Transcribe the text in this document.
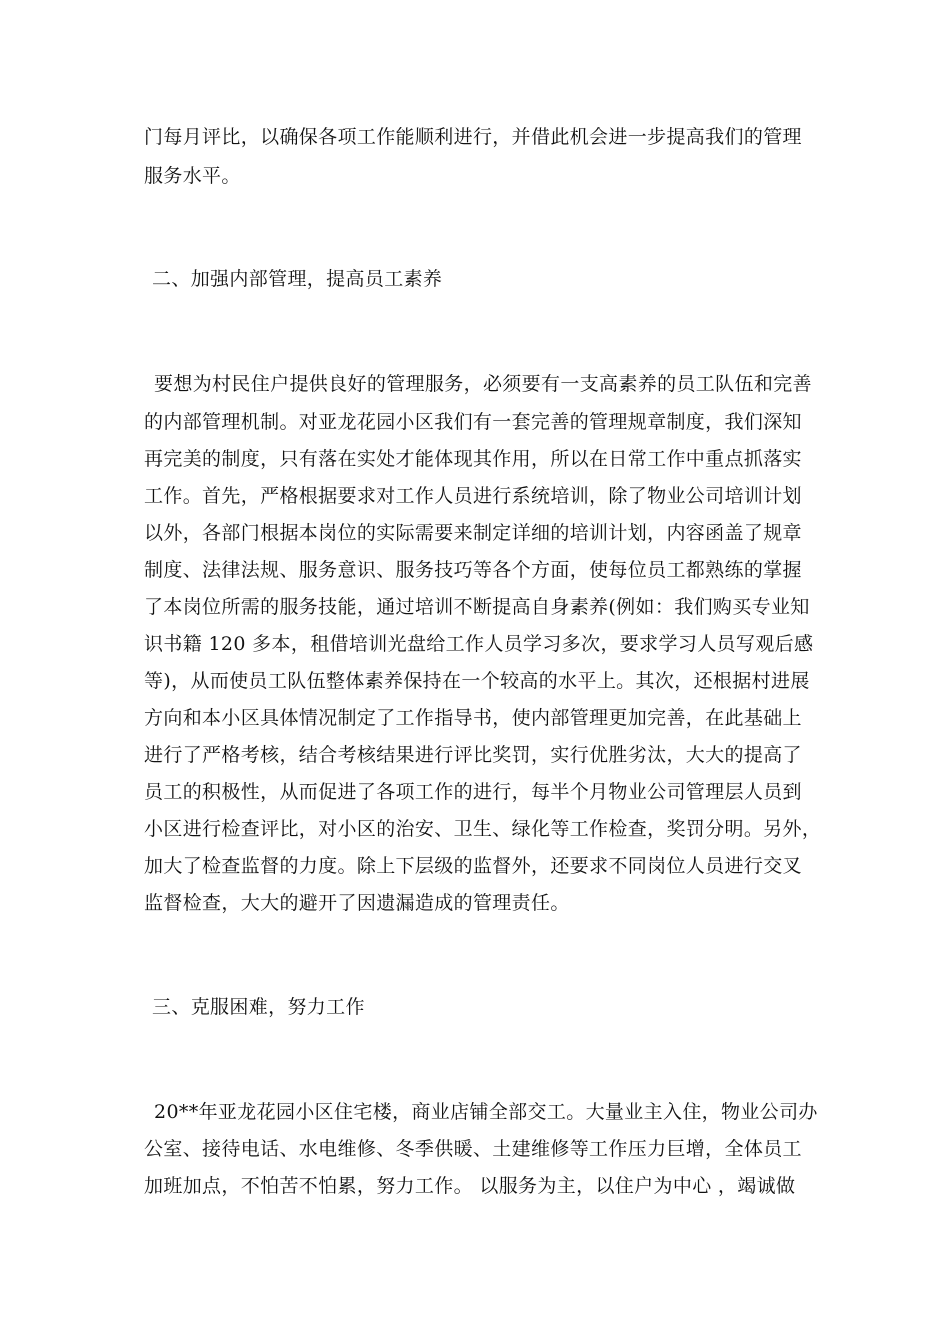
门每月评比，以确保各项工作能顺利进行，并借此机会进一步提高我们的管理
服务水平。
二、加强内部管理，提高员工素养
要想为村民住户提供良好的管理服务，必须要有一支高素养的员工队伍和完善
的内部管理机制。对亚龙花园小区我们有一套完善的管理规章制度，我们深知
再完美的制度，只有落在实处才能体现其作用，所以在日常工作中重点抓落实
工作。首先，严格根据要求对工作人员进行系统培训，除了物业公司培训计划
以外，各部门根据本岗位的实际需要来制定详细的培训计划，内容函盖了规章
制度、法律法规、服务意识、服务技巧等各个方面，使每位员工都熟练的掌握
了本岗位所需的服务技能，通过培训不断提高自身素养(例如：我们购买专业知
识书籍 120 多本，租借培训光盘给工作人员学习多次，要求学习人员写观后感
等)，从而使员工队伍整体素养保持在一个较高的水平上。其次，还根据村进展
方向和本小区具体情况制定了工作指导书，使内部管理更加完善，在此基础上
进行了严格考核，结合考核结果进行评比奖罚，实行优胜劣汰，大大的提高了
员工的积极性，从而促进了各项工作的进行，每半个月物业公司管理层人员到
小区进行检查评比，对小区的治安、卫生、绿化等工作检查，奖罚分明。另外，
加大了检查监督的力度。除上下层级的监督外，还要求不同岗位人员进行交叉
监督检查，大大的避开了因遗漏造成的管理责任。
三、克服困难，努力工作
20**年亚龙花园小区住宅楼，商业店铺全部交工。大量业主入住，物业公司办
公室、接待电话、水电维修、冬季供暖、土建维修等工作压力巨增，全体员工
加班加点，不怕苦不怕累，努力工作。 以服务为主，以住户为中心 ，竭诚做
